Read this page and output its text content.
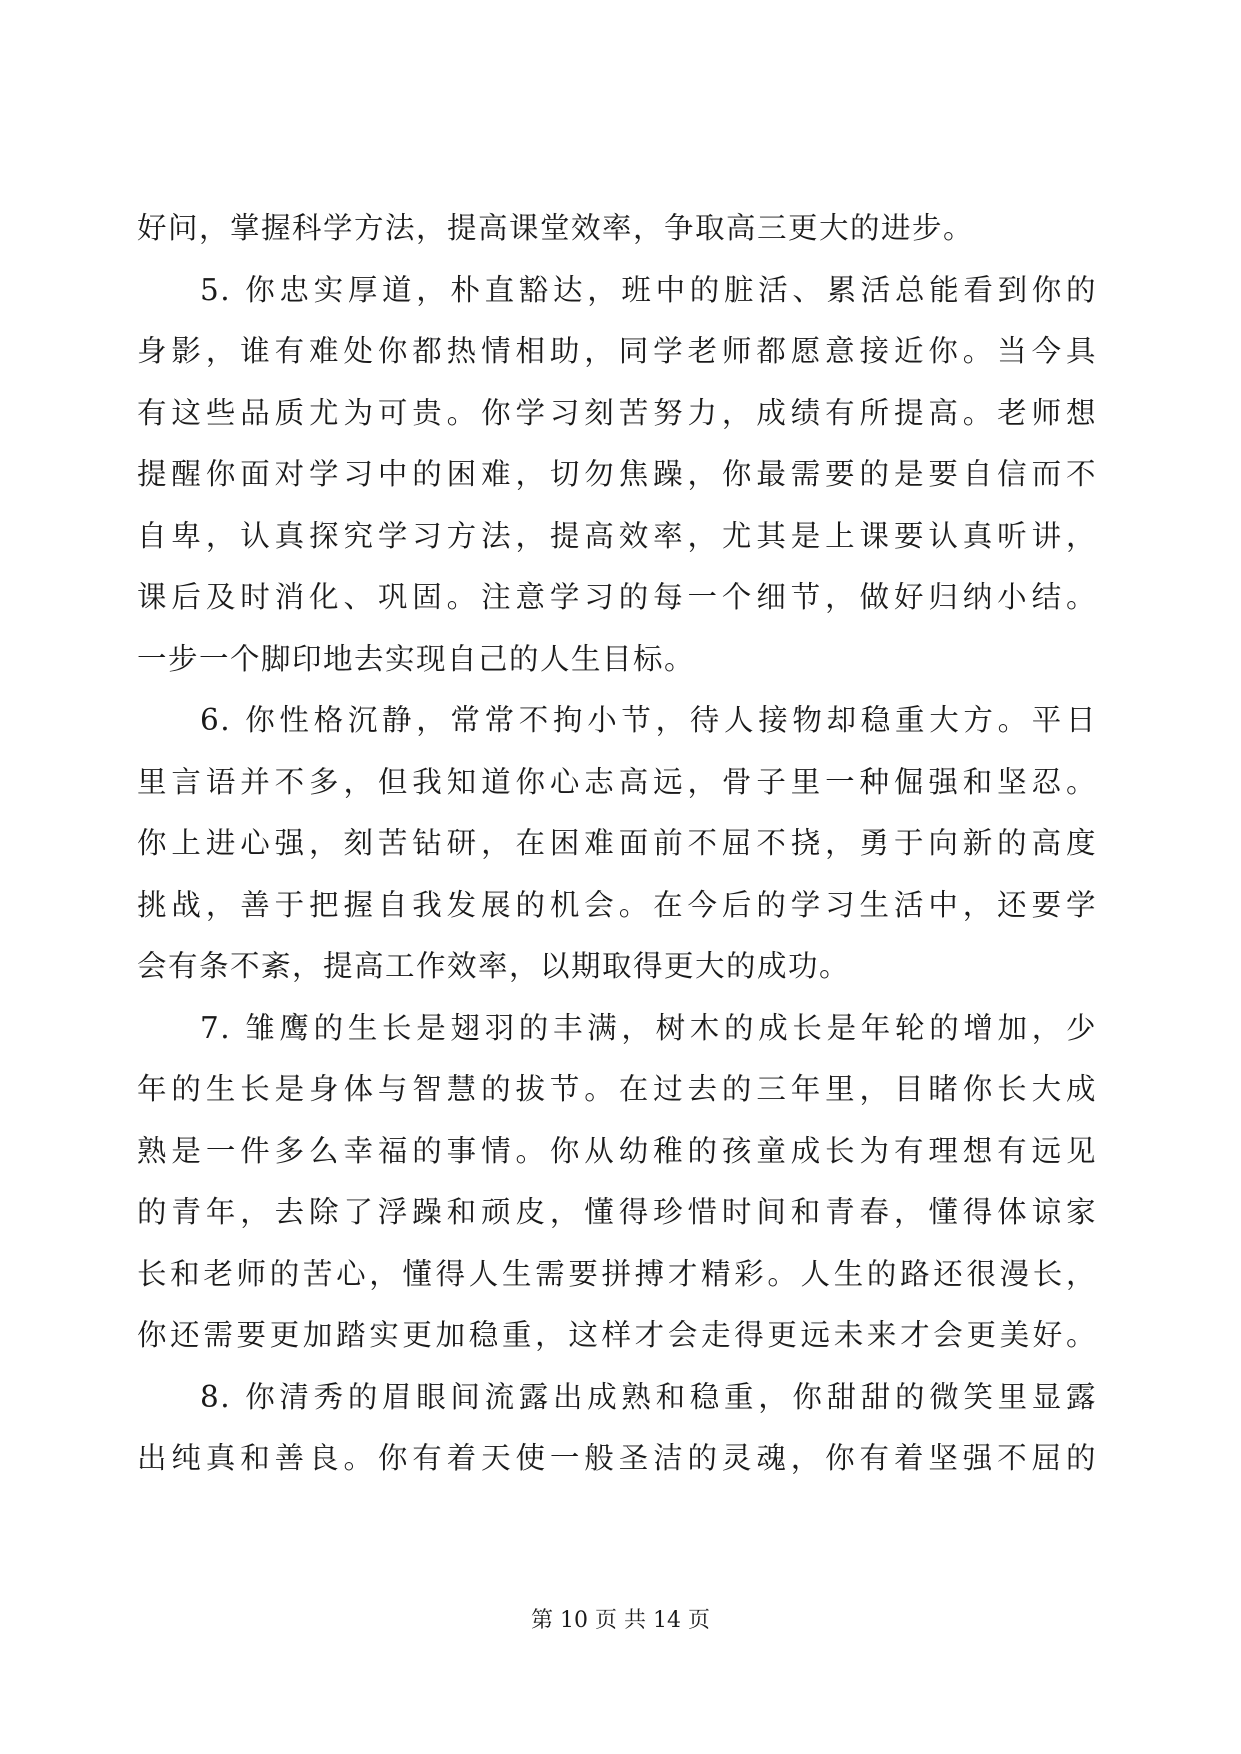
好问，掌握科学方法，提高课堂效率，争取高三更大的进步。
5. 你忠实厚道，朴直豁达，班中的脏活、累活总能看到你的
身影，谁有难处你都热情相助，同学老师都愿意接近你。当今具
有这些品质尤为可贵。你学习刻苦努力，成绩有所提高。老师想
提醒你面对学习中的困难，切勿焦躁，你最需要的是要自信而不
自卑，认真探究学习方法，提高效率，尤其是上课要认真听讲，
课后及时消化、巩固。注意学习的每一个细节，做好归纳小结。
一步一个脚印地去实现自己的人生目标。
6. 你性格沉静，常常不拘小节，待人接物却稳重大方。平日
里言语并不多，但我知道你心志高远，骨子里一种倔强和坚忍。
你上进心强，刻苦钻研，在困难面前不屈不挠，勇于向新的高度
挑战，善于把握自我发展的机会。在今后的学习生活中，还要学
会有条不紊，提高工作效率，以期取得更大的成功。
7. 雏鹰的生长是翅羽的丰满，树木的成长是年轮的增加，少
年的生长是身体与智慧的拔节。在过去的三年里，目睹你长大成
熟是一件多么幸福的事情。你从幼稚的孩童成长为有理想有远见
的青年，去除了浮躁和顽皮，懂得珍惜时间和青春，懂得体谅家
长和老师的苦心，懂得人生需要拼搏才精彩。人生的路还很漫长，
你还需要更加踏实更加稳重，这样才会走得更远未来才会更美好。
8. 你清秀的眉眼间流露出成熟和稳重，你甜甜的微笑里显露
出纯真和善良。你有着天使一般圣洁的灵魂，你有着坚强不屈的
第 10 页 共 14 页
